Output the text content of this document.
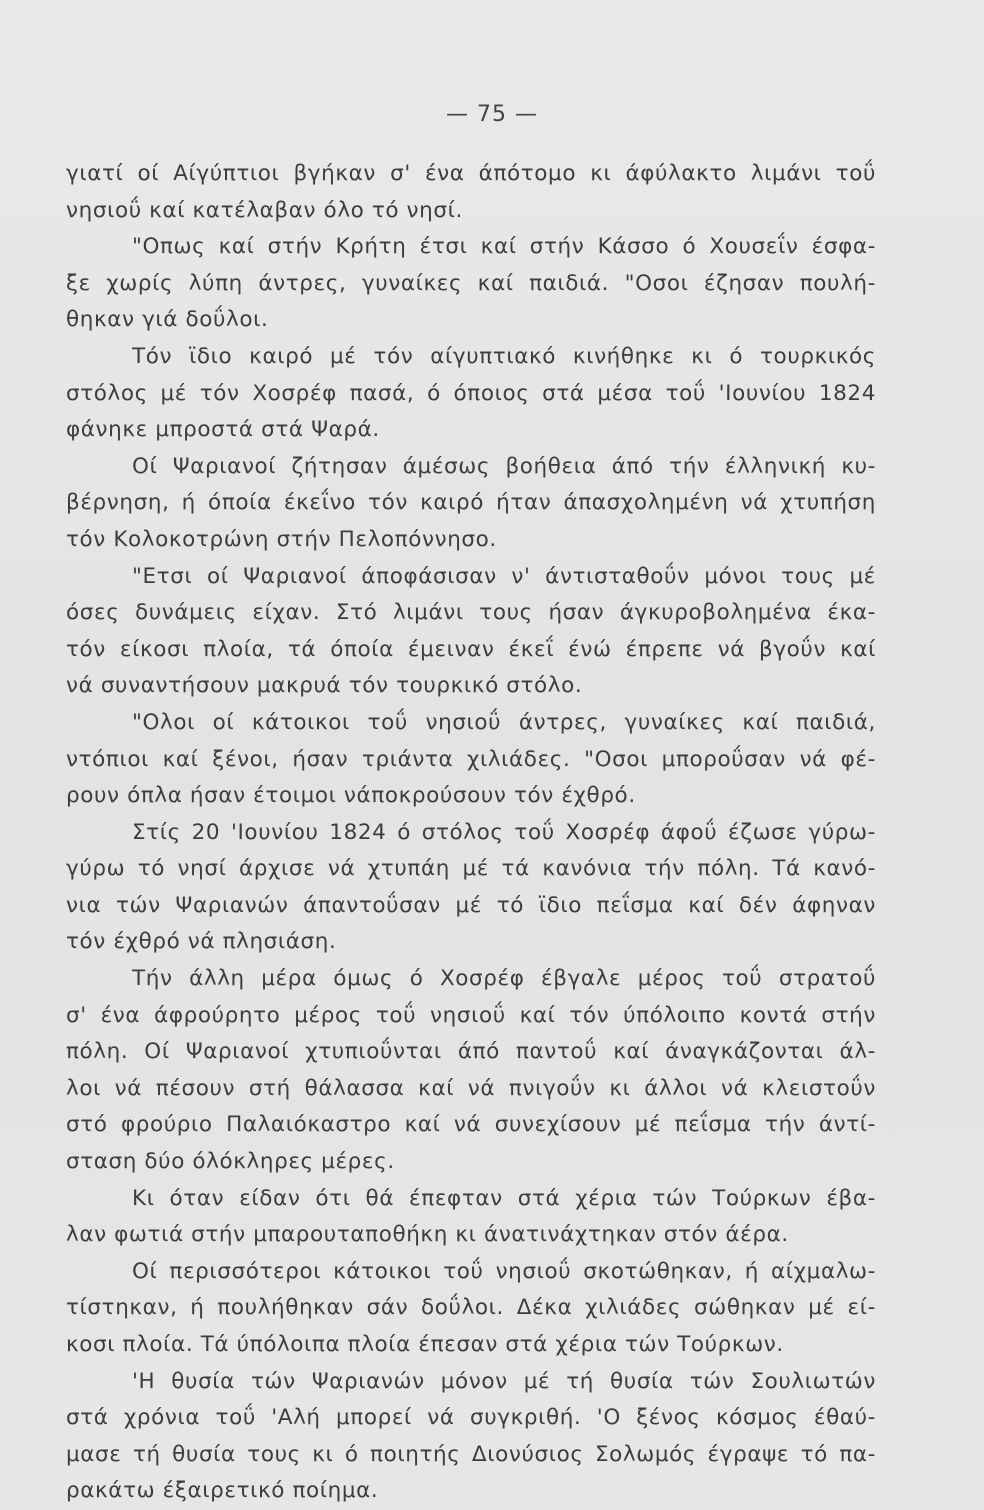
— 75 —
γιατί οί Αίγύπτιοι βγήκαν σ' ένα άπότομο κι άφύλακτο λιμάνι τοΰ
νησιοΰ καί κατέλαβαν όλο τό νησί.
"Οπως καί στήν Κρήτη έτσι καί στήν Κάσσο ό Χουσεΐν έσφα-
ξε χωρίς λύπη άντρες, γυναίκες καί παιδιά. "Οσοι έζησαν πουλή-
θηκαν γιά δοΰλοι.
Τόν ϊδιο καιρό μέ τόν αίγυπτιακό κινήθηκε κι ό τουρκικός
στόλος μέ τόν Χοσρέφ πασά, ό όποιος στά μέσα τοΰ 'Ιουνίου 1824
φάνηκε μπροστά στά Ψαρά.
Οί Ψαριανοί ζήτησαν άμέσως βοήθεια άπό τήν έλληνική κυ-
βέρνηση, ή όποία έκεΐνο τόν καιρό ήταν άπασχολημένη νά χτυπήση
τόν Κολοκοτρώνη στήν Πελοπόννησο.
"Ετσι οί Ψαριανοί άποφάσισαν ν' άντισταθοΰν μόνοι τους μέ
όσες δυνάμεις είχαν. Στό λιμάνι τους ήσαν άγκυροβολημένα έκα-
τόν είκοσι πλοία, τά όποία έμειναν έκεΐ ένώ έπρεπε νά βγοΰν καί
νά συναντήσουν μακρυά τόν τουρκικό στόλο.
"Ολοι οί κάτοικοι τοΰ νησιοΰ άντρες, γυναίκες καί παιδιά,
ντόπιοι καί ξένοι, ήσαν τριάντα χιλιάδες. "Οσοι μποροΰσαν νά φέ-
ρουν όπλα ήσαν έτοιμοι νάποκρούσουν τόν έχθρό.
Στίς 20 'Ιουνίου 1824 ό στόλος τοΰ Χοσρέφ άφοΰ έζωσε γύρω-
γύρω τό νησί άρχισε νά χτυπάη μέ τά κανόνια τήν πόλη. Τά κανό-
νια τών Ψαριανών άπαντοΰσαν μέ τό ϊδιο πεΐσμα καί δέν άφηναν
τόν έχθρό νά πλησιάση.
Τήν άλλη μέρα όμως ό Χοσρέφ έβγαλε μέρος τοΰ στρατοΰ
σ' ένα άφρούρητο μέρος τοΰ νησιοΰ καί τόν ύπόλοιπο κοντά στήν
πόλη. Οί Ψαριανοί χτυπιοΰνται άπό παντοΰ καί άναγκάζονται άλ-
λοι νά πέσουν στή θάλασσα καί νά πνιγοΰν κι άλλοι νά κλειστοΰν
στό φρούριο Παλαιόκαστρο καί νά συνεχίσουν μέ πεΐσμα τήν άντί-
σταση δύο όλόκληρες μέρες.
Κι όταν είδαν ότι θά έπεφταν στά χέρια τών Τούρκων έβα-
λαν φωτιά στήν μπαρουταποθήκη κι άνατινάχτηκαν στόν άέρα.
Οί περισσότεροι κάτοικοι τοΰ νησιοΰ σκοτώθηκαν, ή αίχμαλω-
τίστηκαν, ή πουλήθηκαν σάν δοΰλοι. Δέκα χιλιάδες σώθηκαν μέ εί-
κοσι πλοία. Τά ύπόλοιπα πλοία έπεσαν στά χέρια τών Τούρκων.
'Η θυσία τών Ψαριανών μόνον μέ τή θυσία τών Σουλιωτών
στά χρόνια τοΰ 'Αλή μπορεί νά συγκριθή. 'Ο ξένος κόσμος έθαύ-
μασε τή θυσία τους κι ό ποιητής Διονύσιος Σολωμός έγραψε τό πα-
ρακάτω έξαιρετικό ποίημα.
